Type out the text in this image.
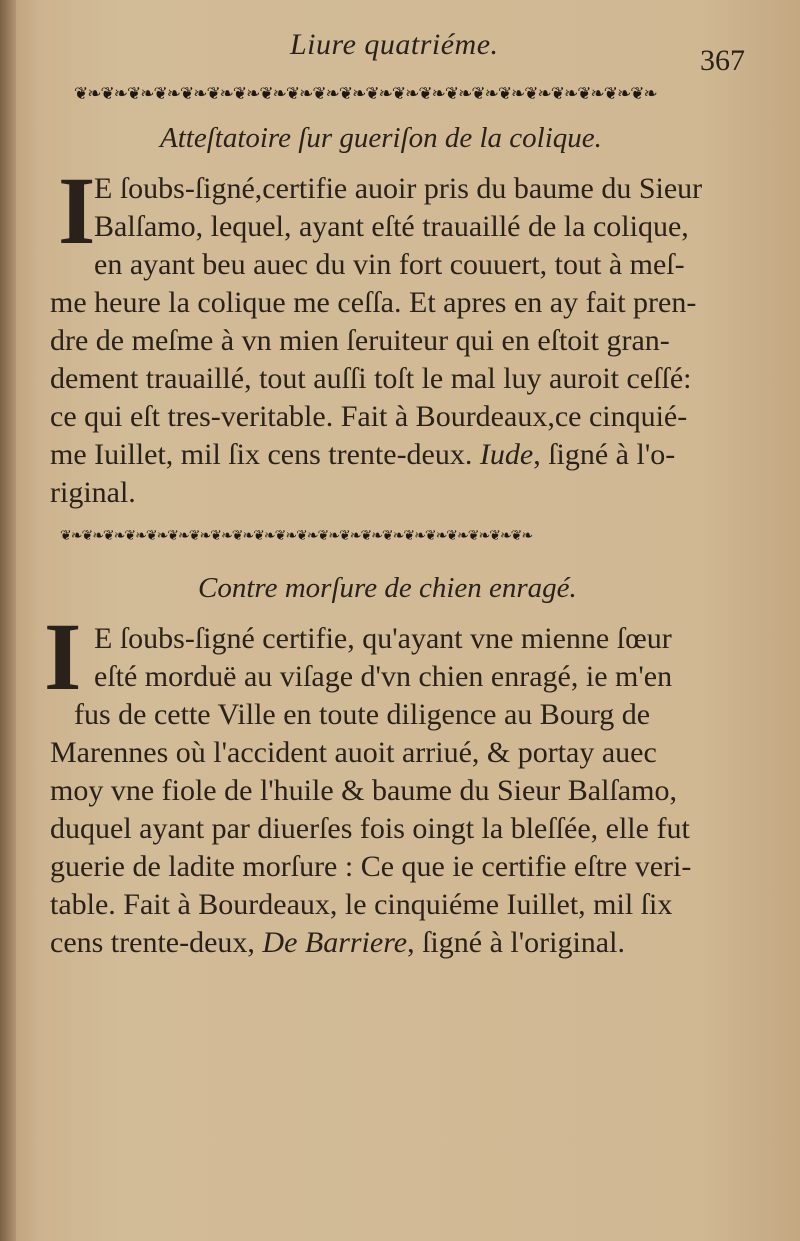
Liure quatriéme.	367
❦❧❦❧❦❧❦❧❦❧❦❧❦❧❦❧❦❧❦❧❦❧❦❧❦❧❦❧❦❧❦❧❦❧❦❧❦❧❦❧❦❧❦❧
Atteſtatoire ſur gueriſon de la colique.
I
E ſoubs-ſigné,certifie auoir pris du baume du Sieur
Balſamo, lequel, ayant eſté trauaillé de la colique,
en ayant beu auec du vin fort couuert, tout à meſ-
me heure la colique me ceſſa. Et apres en ay fait pren-
dre de meſme à vn mien ſeruiteur qui en eſtoit gran-
dement trauaillé, tout auſſi toſt le mal luy auroit ceſſé:
ce qui eſt tres-veritable. Fait à Bourdeaux,ce cinquié-
me Iuillet, mil ſix cens trente-deux. Iude, ſigné à l'o-
riginal.
❦❧❦❧❦❧❦❧❦❧❦❧❦❧❦❧❦❧❦❧❦❧❦❧❦❧❦❧❦❧❦❧❦❧❦❧❦❧❦❧❦❧❦❧
Contre morſure de chien enragé.
I E ſoubs-ſigné certifie, qu'ayant vne mienne ſœur
eſté morduë au viſage d'vn chien enragé, ie m'en
fus de cette Ville en toute diligence au Bourg de
Marennes où l'accident auoit arriué, & portay auec
moy vne fiole de l'huile & baume du Sieur Balſamo,
duquel ayant par diuerſes fois oingt la bleſſée, elle fut
guerie de ladite morſure : Ce que ie certifie eſtre veri-
table. Fait à Bourdeaux, le cinquiéme Iuillet, mil ſix
cens trente-deux, De Barriere, ſigné à l'original.
